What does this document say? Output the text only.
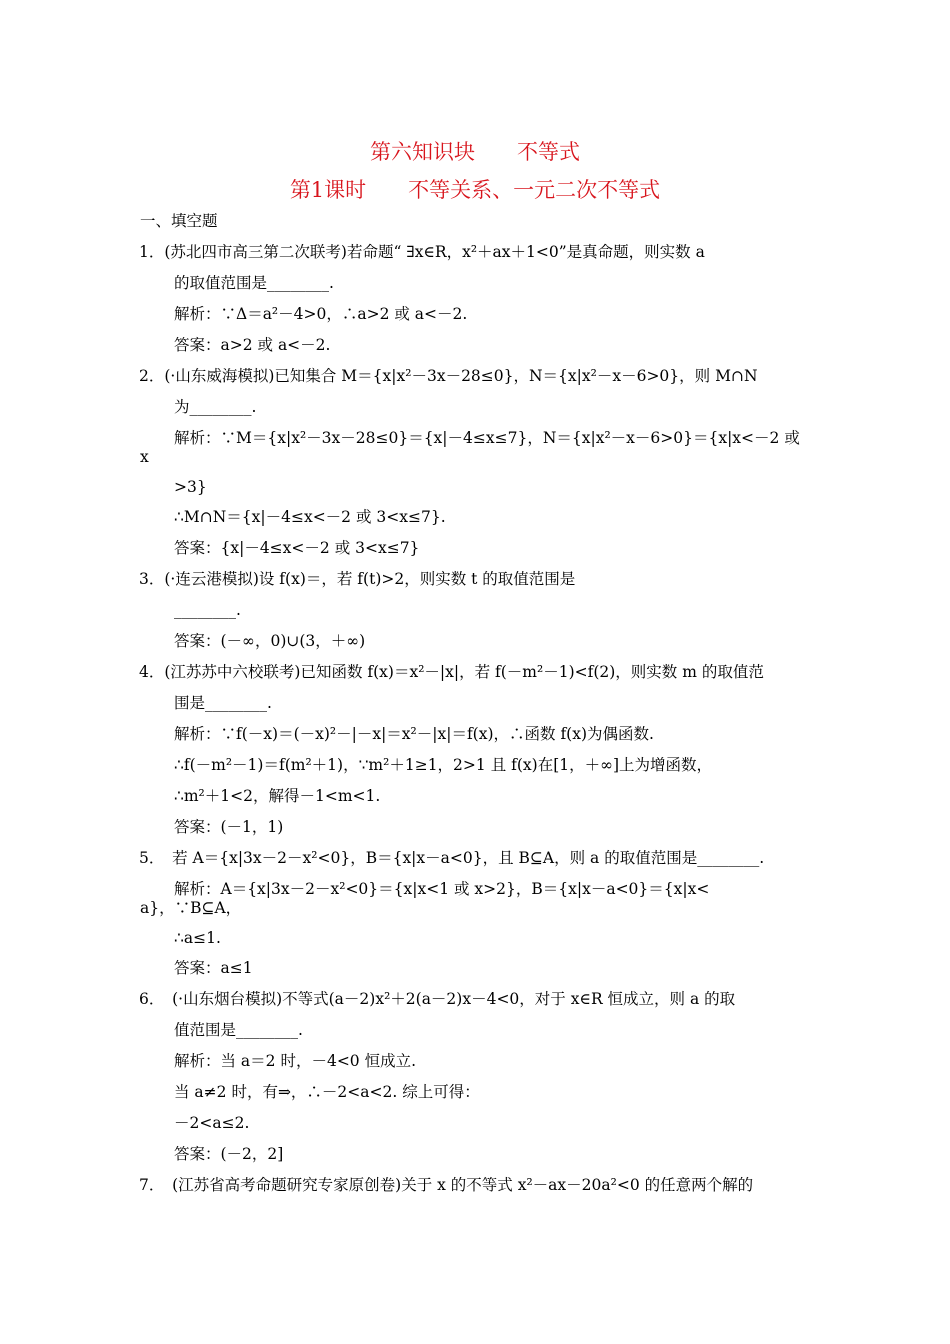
第六知识块　　不等式
第1课时　　不等关系、一元二次不等式
一、填空题
1．(苏北四市高三第二次联考)若命题“ ∃x∈R，x²＋ax＋1<0”是真命题，则实数 a
的取值范围是________.
解析：∵Δ＝a²－4>0，∴a>2 或 a<－2.
答案：a>2 或 a<－2.
2．(·山东威海模拟)已知集合 M＝{x|x²－3x－28≤0}，N＝{x|x²－x－6>0}，则 M∩N
为________.
解析：∵M＝{x|x²－3x－28≤0}＝{x|－4≤x≤7}，N＝{x|x²－x－6>0}＝{x|x<－2 或
x
>3}
∴M∩N＝{x|－4≤x<－2 或 3<x≤7}.
答案：{x|－4≤x<－2 或 3<x≤7}
3．(·连云港模拟)设 f(x)＝，若 f(t)>2，则实数 t 的取值范围是
________.
答案：(－∞，0)∪(3，＋∞)
4．(江苏苏中六校联考)已知函数 f(x)＝x²－|x|，若 f(－m²－1)<f(2)，则实数 m 的取值范
围是________.
解析：∵f(－x)＝(－x)²－|－x|＝x²－|x|＝f(x)，∴函数 f(x)为偶函数.
∴f(－m²－1)＝f(m²＋1)，∵m²＋1≥1，2>1 且 f(x)在[1，＋∞]上为增函数，
∴m²＋1<2，解得－1<m<1.
答案：(－1，1)
5．　若 A＝{x|3x－2－x²<0}，B＝{x|x－a<0}，且 B⊆A，则 a 的取值范围是________.
解析：A＝{x|3x－2－x²<0}＝{x|x<1 或 x>2}，B＝{x|x－a<0}＝{x|x<
a}，∵B⊆A，
∴a≤1.
答案：a≤1
6．　(·山东烟台模拟)不等式(a－2)x²＋2(a－2)x－4<0，对于 x∈R 恒成立，则 a 的取
值范围是________.
解析：当 a＝2 时，－4<0 恒成立.
当 a≠2 时，有⇒，∴－2<a<2. 综上可得：
－2<a≤2.
答案：(－2，2]
7．　(江苏省高考命题研究专家原创卷)关于 x 的不等式 x²－ax－20a²<0 的任意两个解的
